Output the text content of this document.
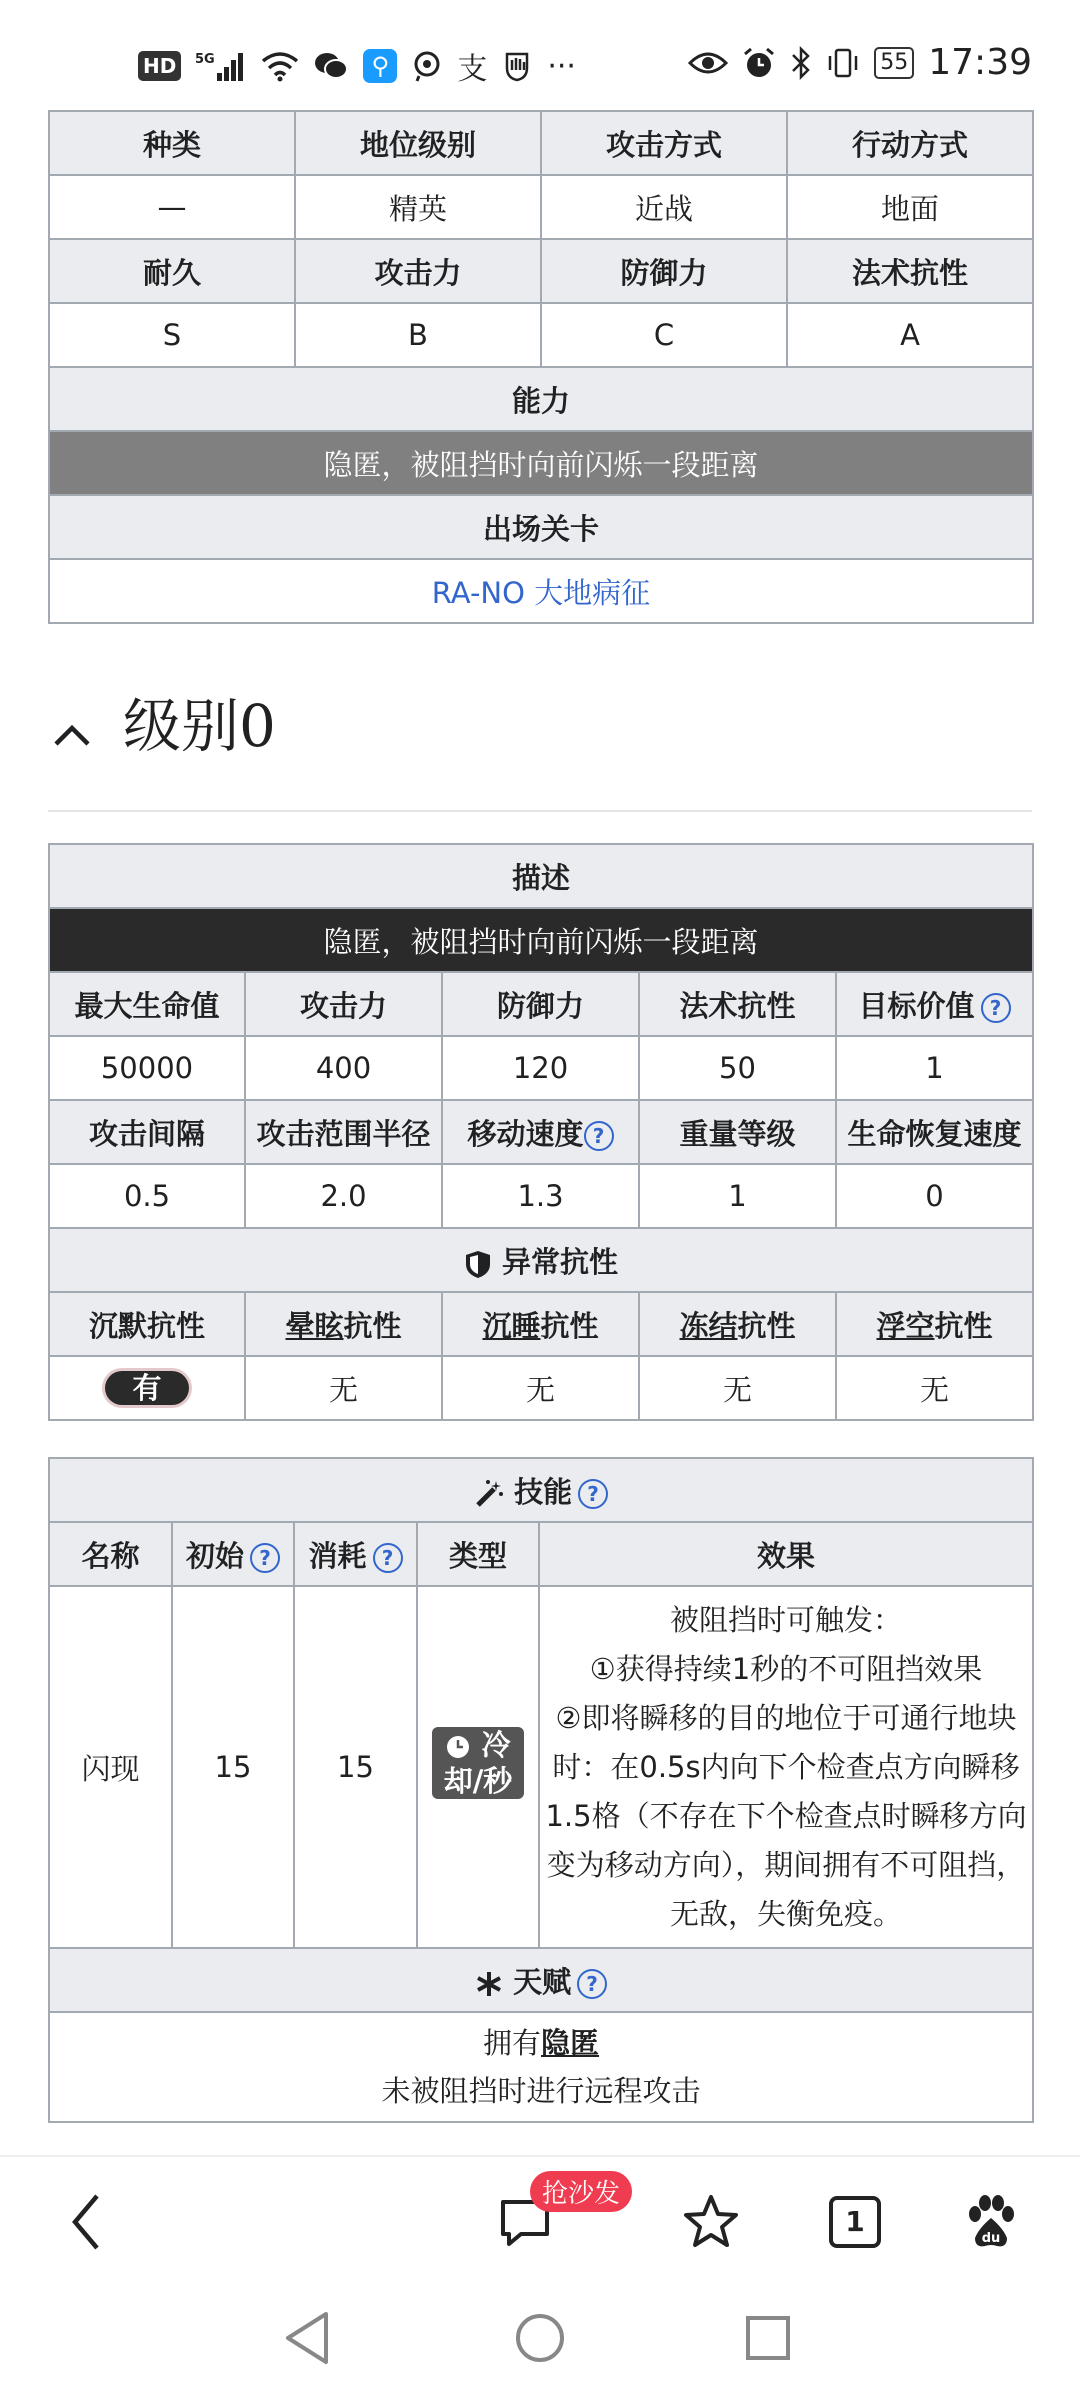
HD	5G	⚲ 支 ···	55 17:39
种类	地位级别	攻击方式	行动方式
—	精英	近战	地面
耐久	攻击力	防御力	法术抗性
S	B	C	A
能力			
隐匿，被阻挡时向前闪烁一段距离			
出场关卡			
RA-NO 大地病征			
级别0
描述				
隐匿，被阻挡时向前闪烁一段距离				
最大生命值	攻击力	防御力	法术抗性	目标价值 ?
50000	400	120	50	1
攻击间隔	攻击范围半径	移动速度 ?	重量等级	生命恢复速度
0.5	2.0	1.3	1	0
异常抗性				
沉默抗性	晕眩抗性	沉睡抗性	冻结抗性	浮空抗性
有	无	无	无	无
技能 ?				
名称	初始 ?	消耗 ?	类型	效果
闪现	15	15	冷却/秒	被阻挡时可触发：
①获得持续1秒的不可阻挡效果
②即将瞬移的目的地位于可通行地块时：在0.5s内向下个检查点方向瞬移1.5格（不存在下个检查点时瞬移方向变为移动方向），期间拥有不可阻挡，无敌，失衡免疫。

天赋 ?				

拥有隐匿
未被阻挡时进行远程攻击				
抢沙发
1
du
